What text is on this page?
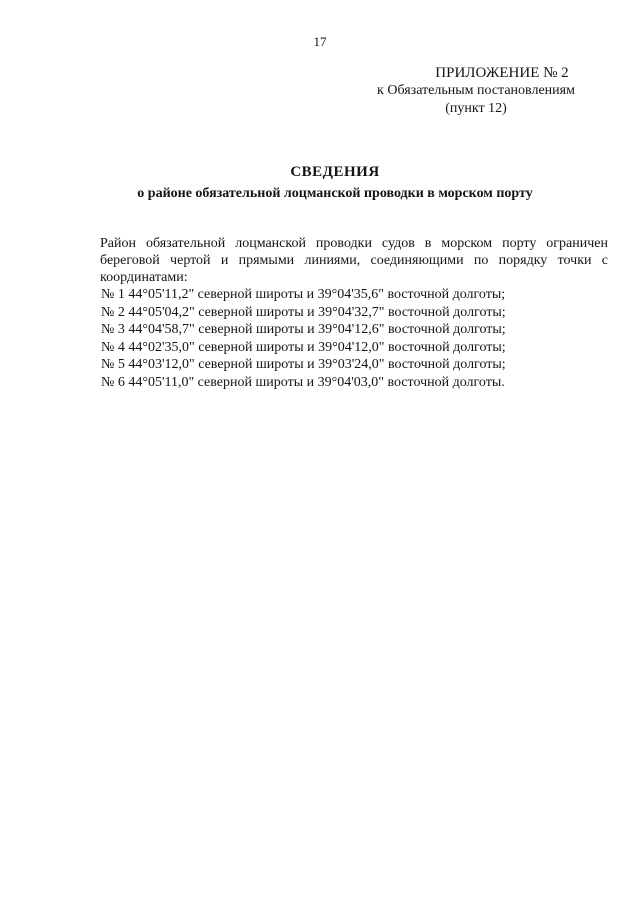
17
ПРИЛОЖЕНИЕ № 2
к Обязательным постановлениям
(пункт 12)
СВЕДЕНИЯ
о районе обязательной лоцманской проводки в морском порту

Район обязательной лоцманской проводки судов в морском порту ограничен береговой чертой и прямыми линиями, соединяющими по порядку точки с координатами:

№ 1 44°05'11,2" северной широты и 39°04'35,6" восточной долготы;
№ 2 44°05'04,2" северной широты и 39°04'32,7" восточной долготы;
№ 3 44°04'58,7" северной широты и 39°04'12,6" восточной долготы;
№ 4 44°02'35,0" северной широты и 39°04'12,0" восточной долготы;
№ 5 44°03'12,0" северной широты и 39°03'24,0" восточной долготы;
№ 6 44°05'11,0" северной широты и 39°04'03,0" восточной долготы.
